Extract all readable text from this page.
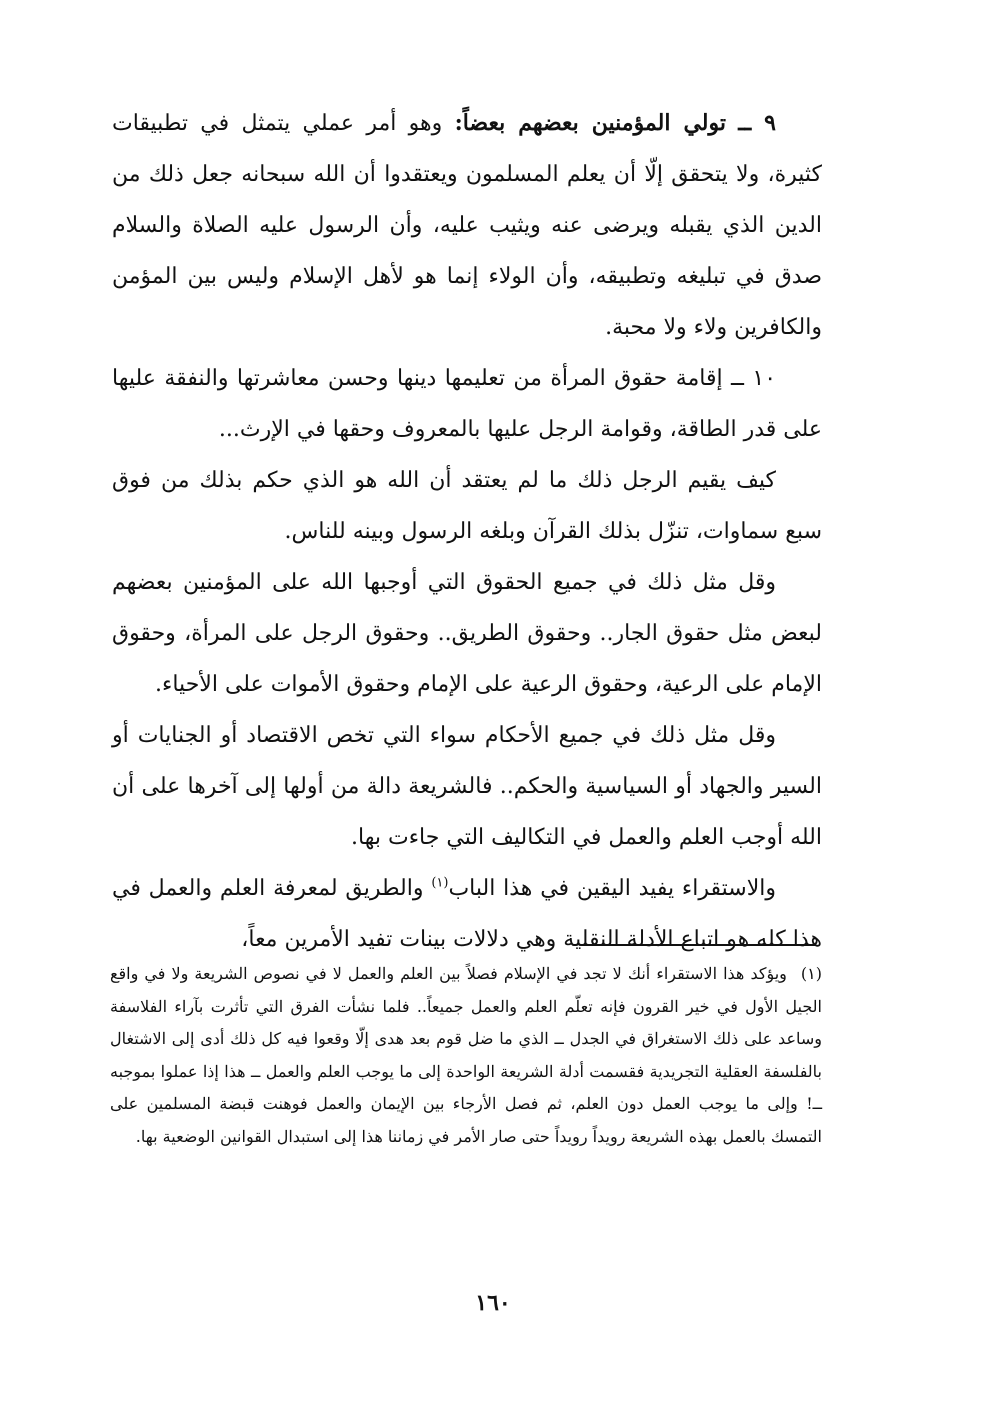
٩ ــ تولي المؤمنين بعضهم بعضاً: وهو أمر عملي يتمثل في تطبيقات كثيرة، ولا يتحقق إلّا أن يعلم المسلمون ويعتقدوا أن الله سبحانه جعل ذلك من الدين الذي يقبله ويرضى عنه ويثيب عليه، وأن الرسول عليه الصلاة والسلام صدق في تبليغه وتطبيقه، وأن الولاء إنما هو لأهل الإسلام وليس بين المؤمن والكافرين ولاء ولا محبة.

١٠ ــ إقامة حقوق المرأة من تعليمها دينها وحسن معاشرتها والنفقة عليها على قدر الطاقة، وقوامة الرجل عليها بالمعروف وحقها في الإرث...

كيف يقيم الرجل ذلك ما لم يعتقد أن الله هو الذي حكم بذلك من فوق سبع سماوات، تنزّل بذلك القرآن وبلغه الرسول وبينه للناس.

وقل مثل ذلك في جميع الحقوق التي أوجبها الله على المؤمنين بعضهم لبعض مثل حقوق الجار.. وحقوق الطريق.. وحقوق الرجل على المرأة، وحقوق الإمام على الرعية، وحقوق الرعية على الإمام وحقوق الأموات على الأحياء.

وقل مثل ذلك في جميع الأحكام سواء التي تخص الاقتصاد أو الجنايات أو السير والجهاد أو السياسية والحكم.. فالشريعة دالة من أولها إلى آخرها على أن الله أوجب العلم والعمل في التكاليف التي جاءت بها.

والاستقراء يفيد اليقين في هذا الباب$^{(١)}$ والطريق لمعرفة العلم والعمل في هذا كله هو اتباع الأدلة النقلية وهي دلالات بينات تفيد الأمرين معاً،

(١)ويؤكد هذا الاستقراء أنك لا تجد في الإسلام فصلاً بين العلم والعمل لا في نصوص الشريعة ولا في واقع الجيل الأول في خير القرون فإنه تعلّم العلم والعمل جميعاً.. فلما نشأت الفرق التي تأثرت بآراء الفلاسفة وساعد على ذلك الاستغراق في الجدل ــ الذي ما ضل قوم بعد هدى إلّا وقعوا فيه كل ذلك أدى إلى الاشتغال بالفلسفة العقلية التجريدية فقسمت أدلة الشريعة الواحدة إلى ما يوجب العلم والعمل ــ هذا إذا عملوا بموجبه ــ! وإلى ما يوجب العمل دون العلم، ثم فصل الأرجاء بين الإيمان والعمل فوهنت قبضة المسلمين على التمسك بالعمل بهذه الشريعة رويداً رويداً حتى صار الأمر في زماننا هذا إلى استبدال القوانين الوضعية بها.

١٦٠
